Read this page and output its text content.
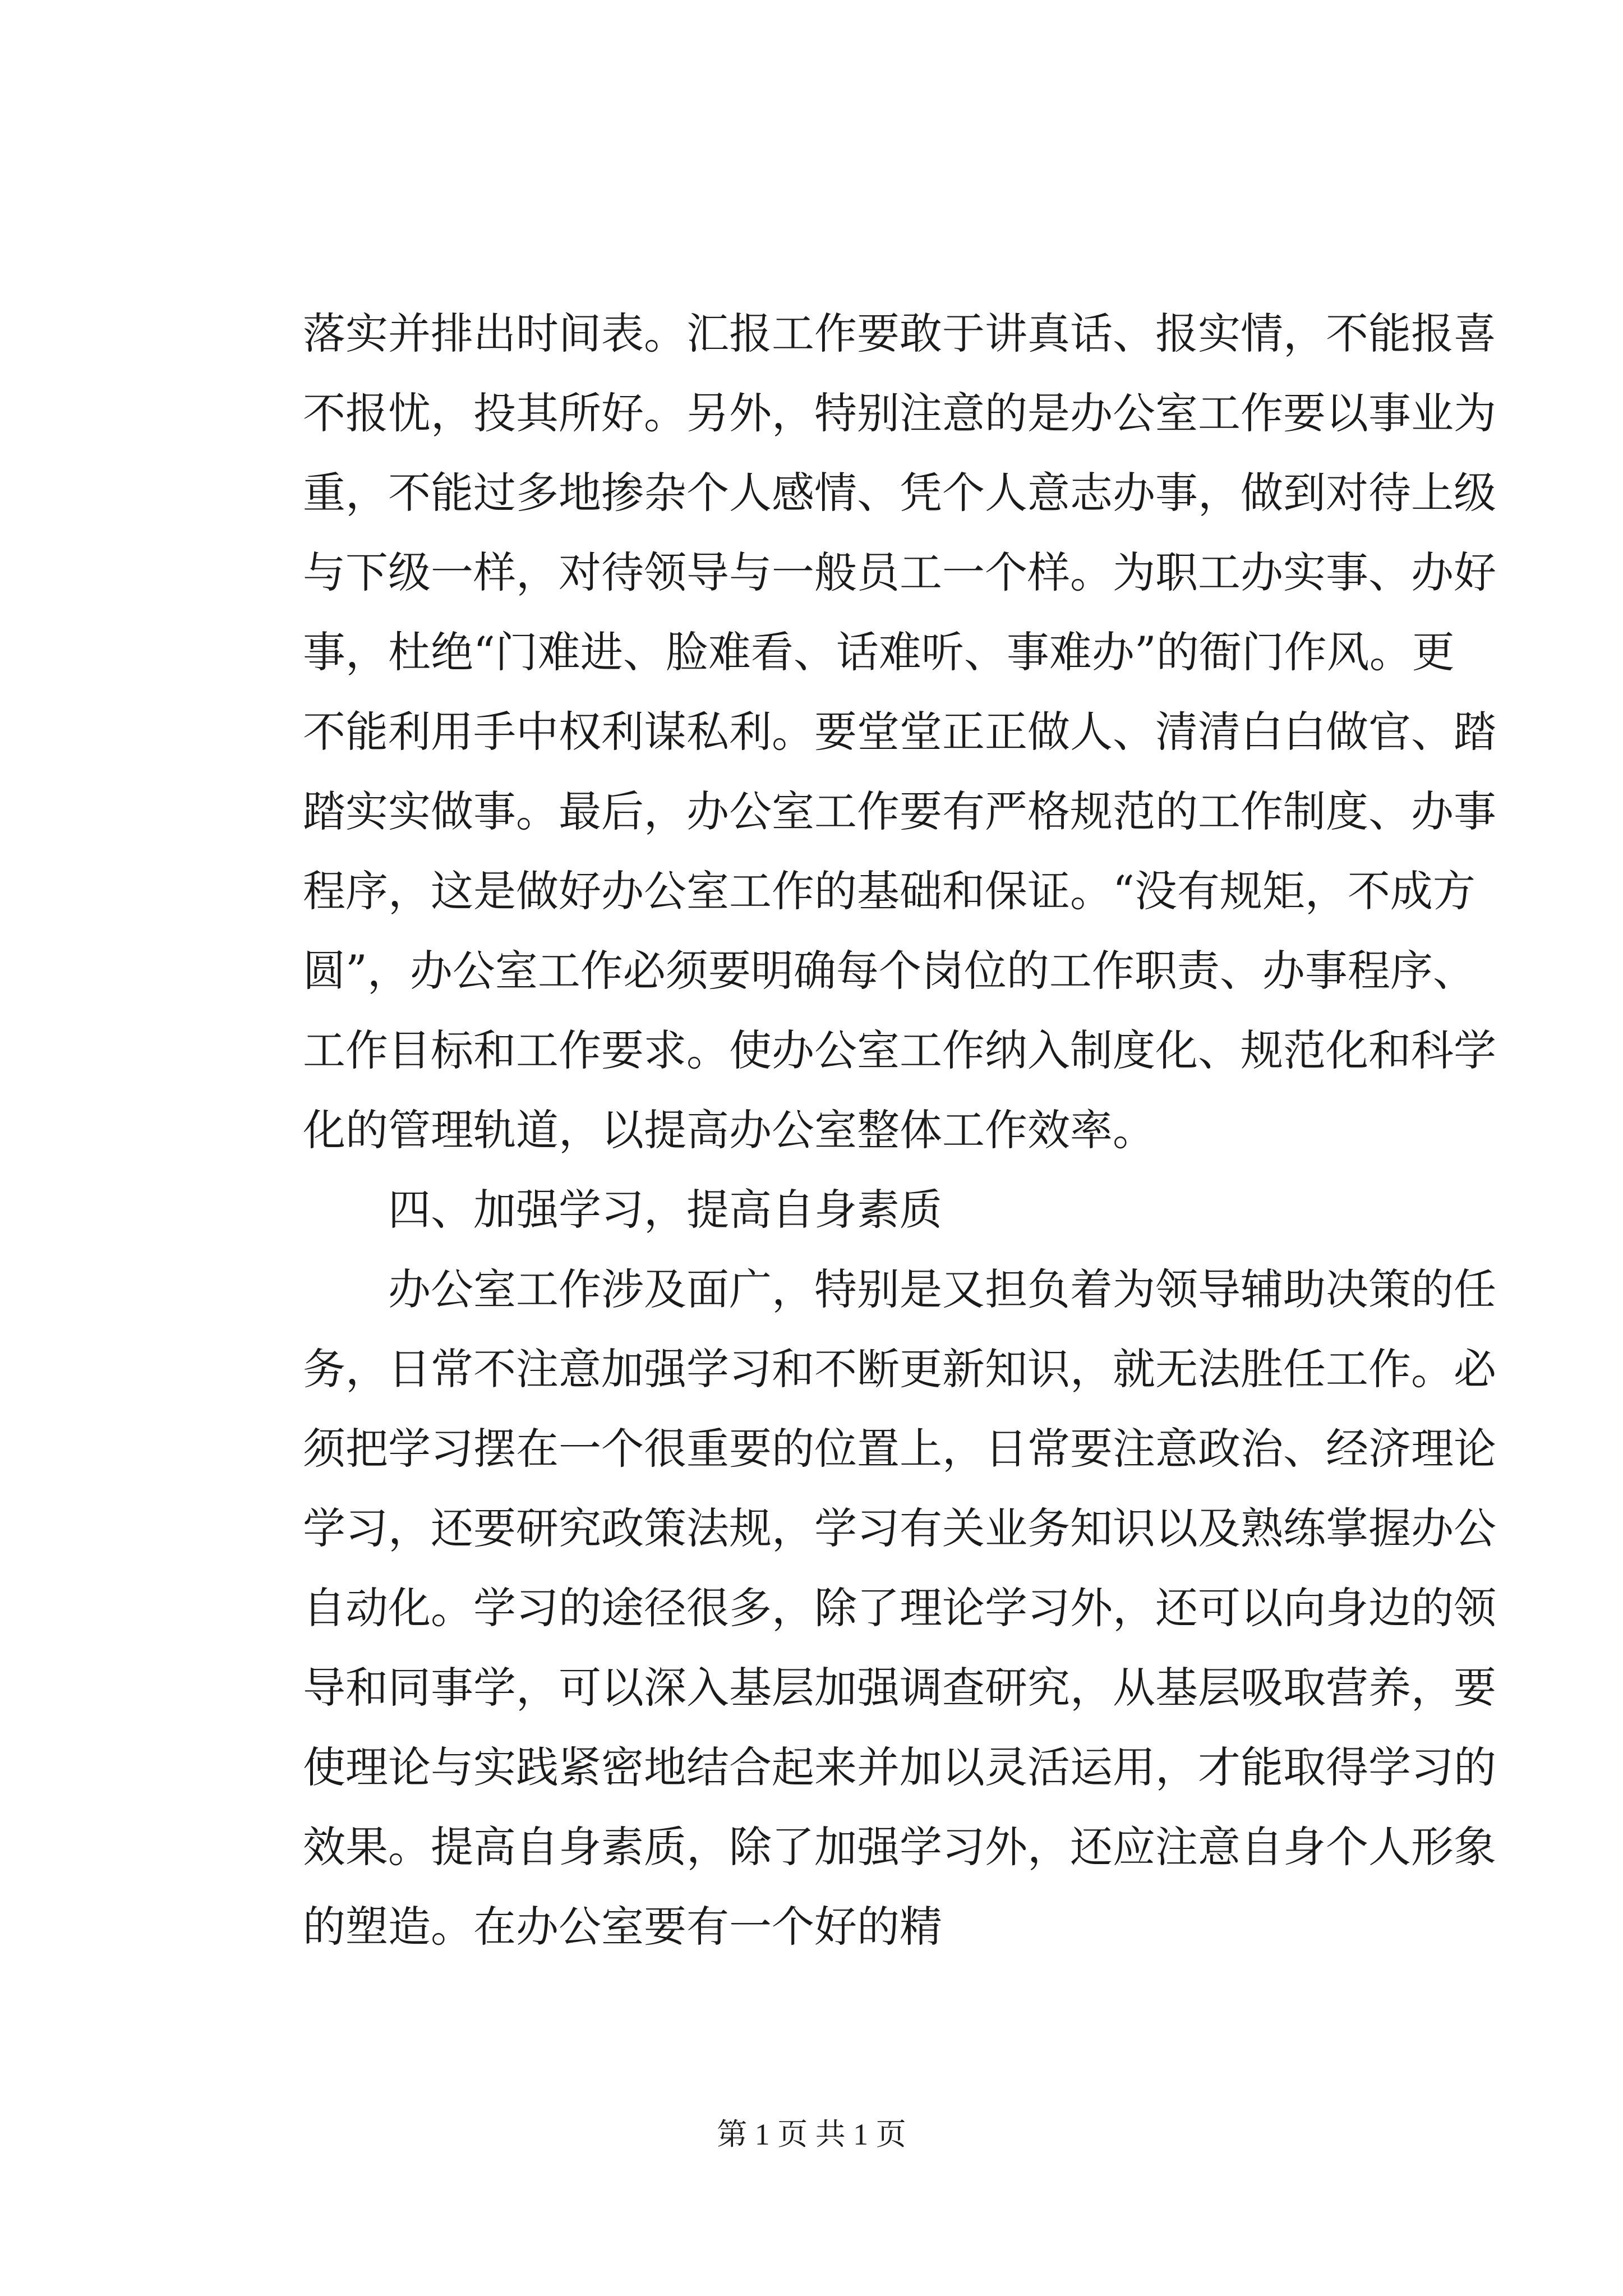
落实并排出时间表。汇报工作要敢于讲真话、报实情，不能报喜
不报忧，投其所好。另外，特别注意的是办公室工作要以事业为
重，不能过多地掺杂个人感情、凭个人意志办事，做到对待上级
与下级一样，对待领导与一般员工一个样。为职工办实事、办好
事，杜绝“门难进、脸难看、话难听、事难办”的衙门作风。更
不能利用手中权利谋私利。要堂堂正正做人、清清白白做官、踏
踏实实做事。最后，办公室工作要有严格规范的工作制度、办事
程序，这是做好办公室工作的基础和保证。“没有规矩，不成方
圆”，办公室工作必须要明确每个岗位的工作职责、办事程序、
工作目标和工作要求。使办公室工作纳入制度化、规范化和科学
化的管理轨道，以提高办公室整体工作效率。
　　四、加强学习，提高自身素质
　　办公室工作涉及面广，特别是又担负着为领导辅助决策的任
务，日常不注意加强学习和不断更新知识，就无法胜任工作。必
须把学习摆在一个很重要的位置上，日常要注意政治、经济理论
学习，还要研究政策法规，学习有关业务知识以及熟练掌握办公
自动化。学习的途径很多，除了理论学习外，还可以向身边的领
导和同事学，可以深入基层加强调查研究，从基层吸取营养，要
使理论与实践紧密地结合起来并加以灵活运用，才能取得学习的
效果。提高自身素质，除了加强学习外，还应注意自身个人形象
的塑造。在办公室要有一个好的精
第 1 页 共 1 页
